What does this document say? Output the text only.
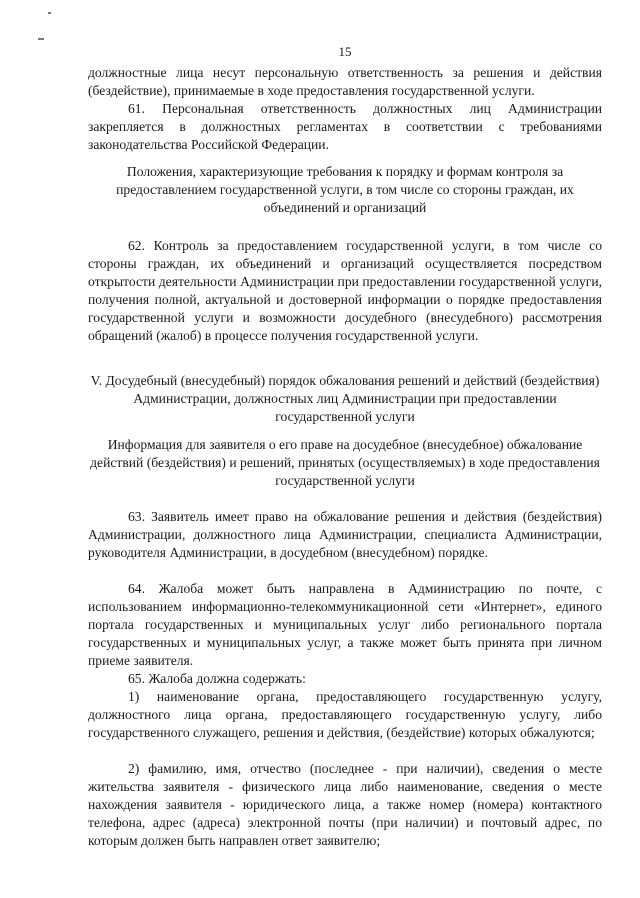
15
должностные лица несут персональную ответственность за решения и действия (бездействие), принимаемые в ходе предоставления государственной услуги.
61. Персональная ответственность должностных лиц Администрации закрепляется в должностных регламентах в соответствии с требованиями законодательства Российской Федерации.
Положения, характеризующие требования к порядку и формам контроля за предоставлением государственной услуги, в том числе со стороны граждан, их объединений и организаций
62. Контроль за предоставлением государственной услуги, в том числе со стороны граждан, их объединений и организаций осуществляется посредством открытости деятельности Администрации при предоставлении государственной услуги, получения полной, актуальной и достоверной информации о порядке предоставления государственной услуги и возможности досудебного (внесудебного) рассмотрения обращений (жалоб) в процессе получения государственной услуги.
V. Досудебный (внесудебный) порядок обжалования решений и действий (бездействия) Администрации, должностных лиц Администрации при предоставлении государственной услуги
Информация для заявителя о его праве на досудебное (внесудебное) обжалование действий (бездействия) и решений, принятых (осуществляемых) в ходе предоставления государственной услуги
63. Заявитель имеет право на обжалование решения и действия (бездействия) Администрации, должностного лица Администрации, специалиста Администрации, руководителя Администрации, в досудебном (внесудебном) порядке.
64. Жалоба может быть направлена в Администрацию по почте, с использованием информационно-телекоммуникационной сети «Интернет», единого портала государственных и муниципальных услуг либо регионального портала государственных и муниципальных услуг, а также может быть принята при личном приеме заявителя.
65. Жалоба должна содержать:
1) наименование органа, предоставляющего государственную услугу, должностного лица органа, предоставляющего государственную услугу, либо государственного служащего, решения и действия, (бездействие) которых обжалуются;
2) фамилию, имя, отчество (последнее - при наличии), сведения о месте жительства заявителя - физического лица либо наименование, сведения о месте нахождения заявителя - юридического лица, а также номер (номера) контактного телефона, адрес (адреса) электронной почты (при наличии) и почтовый адрес, по которым должен быть направлен ответ заявителю;
